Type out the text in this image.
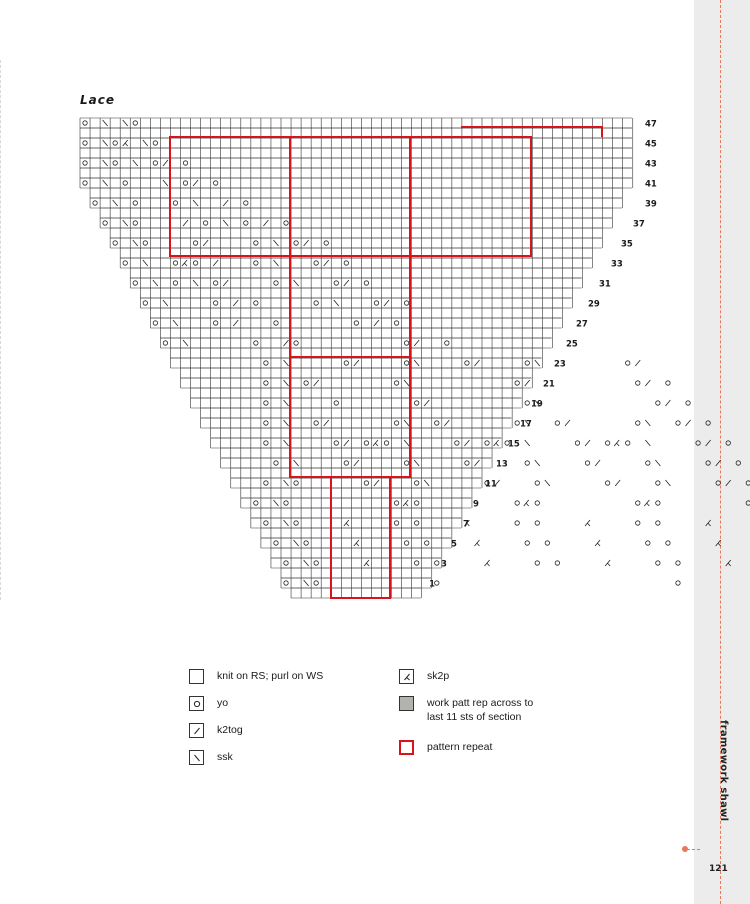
framework shawl
121
Lace
47
45
43
41
39
37
35
33
31
29
27
25
23
21
19
17
15
13
11
9
7
5
3
1
knit on RS; purl on WS
yo
k2tog
ssk
sk2p
work patt rep across to last 11 sts of section
pattern repeat
